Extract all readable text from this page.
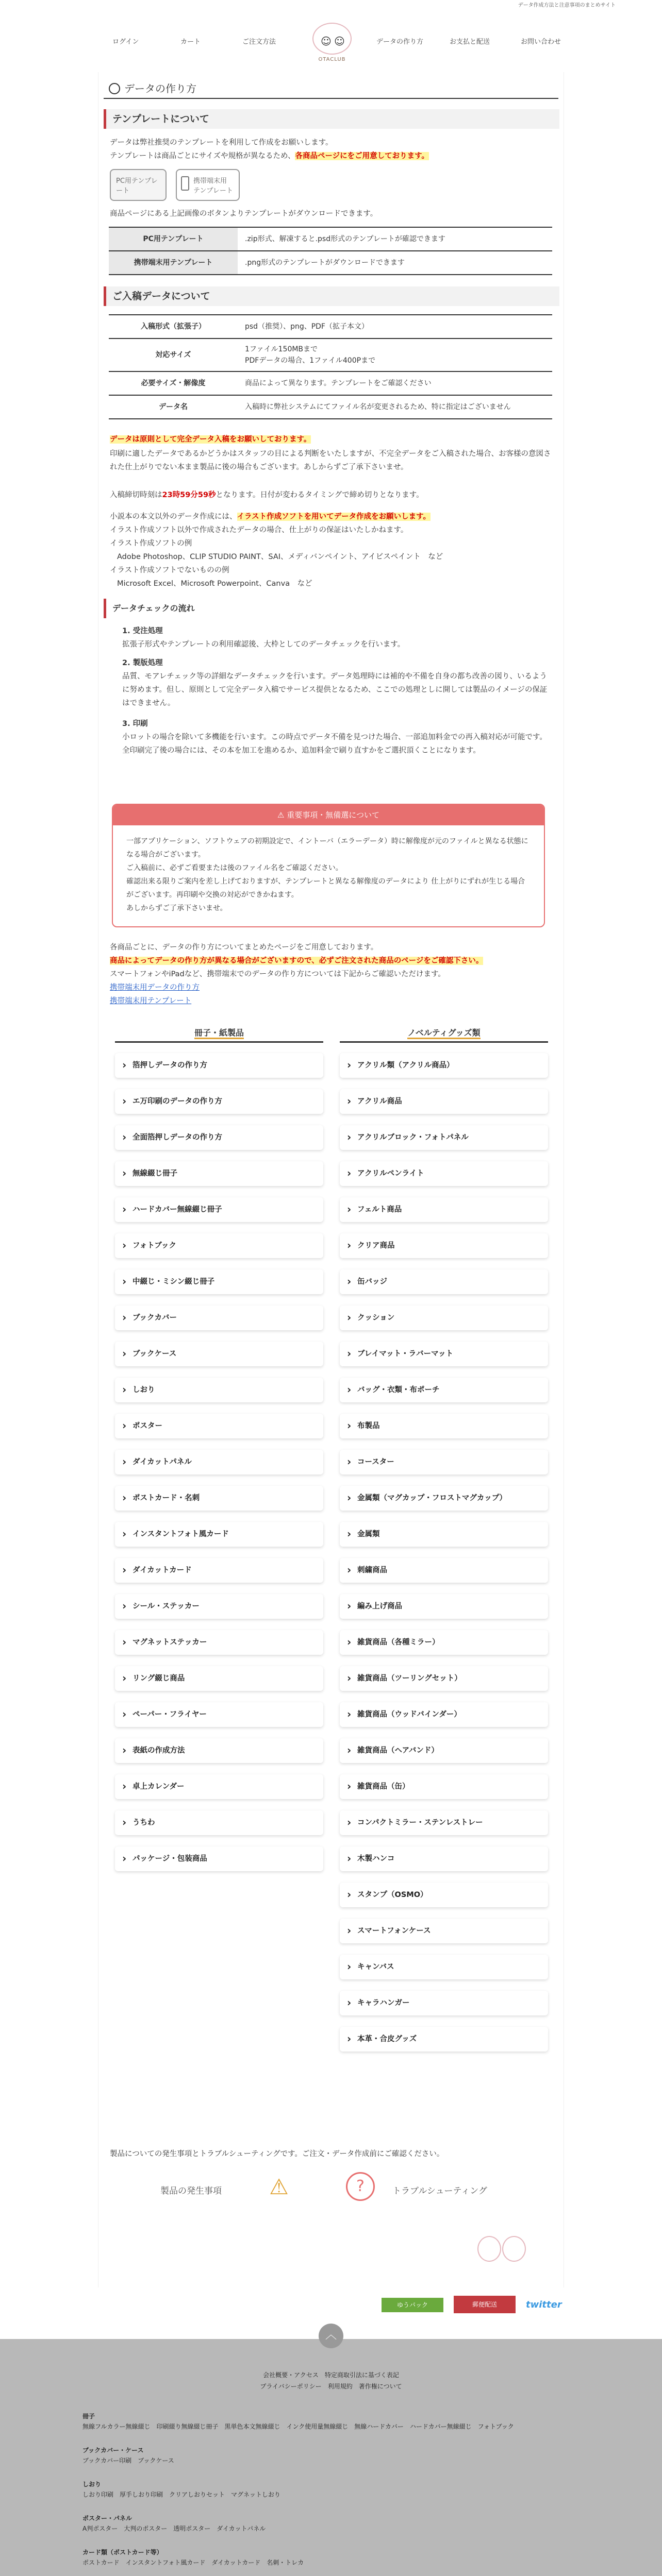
データ作成方法と注意事項のまとめサイト
ログイン	カート	ご注文方法	☺ ☺
OTACLUB
データの作り方	お支払と配送	お問い合わせ
データの作り方
テンプレートについて
データは弊社推奨のテンプレートを利用して作成をお願いします。
テンプレートは商品ごとにサイズや規格が異なるため、各商品ページにをご用意しております。
PC用テンプレート
携帯端末用テンプレート
商品ページにある上記画像のボタンよりテンプレートがダウンロードできます。
PC用テンプレート	.zip形式、解凍すると.psd形式のテンプレートが確認できます
携帯端末用テンプレート	.png形式のテンプレートがダウンロードできます
ご入稿データについて
入稿形式（拡張子）	psd（推奨）、png、PDF（拡子本文）
対応サイズ	1ファイル150MBまで
PDFデータの場合、1ファイル400Pまで
必要サイズ・解像度	商品によって異なります。テンプレートをご確認ください
データ名	入稿時に弊社システムにてファイル名が変更されるため、特に指定はございません
データは原則として完全データ入稿をお願いしております。
印刷に適したデータであるかどうかはスタッフの目による判断をいたしますが、不完全データをご入稿された場合、お客様の意図された仕上がりでない本まま製品に後の場合もございます。あしからずご了承下さいませ。
入稿締切時刻は23時59分59秒となります。日付が変わるタイミングで締め切りとなります。
小説本の本文以外のデータ作成には、イラスト作成ソフトを用いてデータ作成をお願いします。
イラスト作成ソフト以外で作成されたデータの場合、仕上がりの保証はいたしかねます。
イラスト作成ソフトの例
Adobe Photoshop、CLIP STUDIO PAINT、SAI、メディバンペイント、アイビスペイント　など
イラスト作成ソフトでないものの例
Microsoft Excel、Microsoft Powerpoint、Canva　など
データチェックの流れ
1. 受注処理
拡張子形式やテンプレートの利用確認後、大枠としてのデータチェックを行います。
2. 製版処理
品質、モアレチェック等の詳細なデータチェックを行います。データ処理時には補的や不備を自身の都ち改善の図り、いるように努めます。但し、原則として完全データ入稿でサービス提供となるため、ここでの処理としに開しては製品のイメージの保証はできません。
3. 印刷
小ロットの場合を除いて多機能を行います。この時点でデータ不備を見つけた場合、一部追加料金での再入稿対応が可能です。全印刷完了後の場合には、その本を加工を進めるか、追加料金で刷り直すかをご選択頂くことになります。
⚠ 重要事項・無備選について
一部アプリケーション、ソフトウェアの初期設定で、イントーバ（エラーデータ）時に解像度が元のファイルと異なる状態になる場合がございます。
ご入稿前に、必ずご看要または後のファイル名をご確認ください。
確認出来る限りご案内を差し上げておりますが、テンプレートと異なる解像度のデータにより 仕上がりにずれが生じる場合がございます。再印刷や交換の対応ができかねます。
あしからずご了承下さいませ。
各商品ごとに、データの作り方についてまとめたページをご用意しております。
商品によってデータの作り方が異なる場合がございますので、必ずご注文された商品のページをご確認下さい。
スマートフォンやiPadなど、携帯端末でのデータの作り方については下記からご確認いただけます。
携帯端末用データの作り方
携帯端末用テンプレート
冊子・紙製品	ノベルティグッズ類
製品についての発生事項とトラブルシューティングです。ご注文・データ作成前にご確認ください。
製品の発生事項 ⚠	?	トラブルシューティング
› 箔押しデータの作り方
› エ万印刷のデータの作り方
› 全面箔押しデータの作り方
› 無線綴じ冊子
› ハードカバー無線綴じ冊子
› フォトブック
› 中綴じ・ミシン綴じ冊子
› ブックカバー
› ブックケース
› しおり
› ポスター
› ダイカットパネル
› ポストカード・名刺
› インスタントフォト風カード
› ダイカットカード
› シール・ステッカー
› マグネットステッカー
› リング綴じ商品
› ペーパー・フライヤー
› 表紙の作成方法
› 卓上カレンダー
› うちわ
› パッケージ・包装商品
› アクリル類（アクリル商品）
› アクリル商品
› アクリルブロック・フォトパネル
› アクリルペンライト
› フェルト商品
› クリア商品
› 缶バッジ
› クッション
› ブレイマット・ラバーマット
› バッグ・衣類・布ポーチ
› 布製品
› コースター
› 金属類（マグカップ・フロストマグカップ）
› 金属類
› 刺繍商品
› 編み上げ商品
› 雑貨商品（各種ミラー）
› 雑貨商品（ツーリングセット）
› 雑貨商品（ウッドバインダー）
› 雑貨商品（ヘアバンド）
› 雑貨商品（缶）
› コンパクトミラー・ステンレストレー
› 木製ハンコ
› スタンプ（OSMO）
› スマートフォンケース
› キャンバス
› キャラハンガー
› 本革・合皮グッズ
ゆうパック	郵便配送	twitter
︿
会社概要・アクセス　特定商取引法に基づく表記
プライバシーポリシー　利用規約　著作権について
冊子
無線フルカラー無線綴じ　印刷綴り無線綴じ冊子　黒単色本文無線綴じ　インク使用量無線綴じ　無線ハードカバー　ハードカバー無線綴じ　フォトブック
ブックカバー・ケース
ブックカバー印刷　ブックケース
しおり
しおり印刷　厚手しおり印刷　クリアしおりセット　マグネットしおり
ポスター・パネル
A判ポスター　大判のポスター　透明ポスター　ダイカットパネル
カード類（ポストカード等）
ポストカード　インスタントフォト風カード　ダイカットカード　名刺・トレカ
